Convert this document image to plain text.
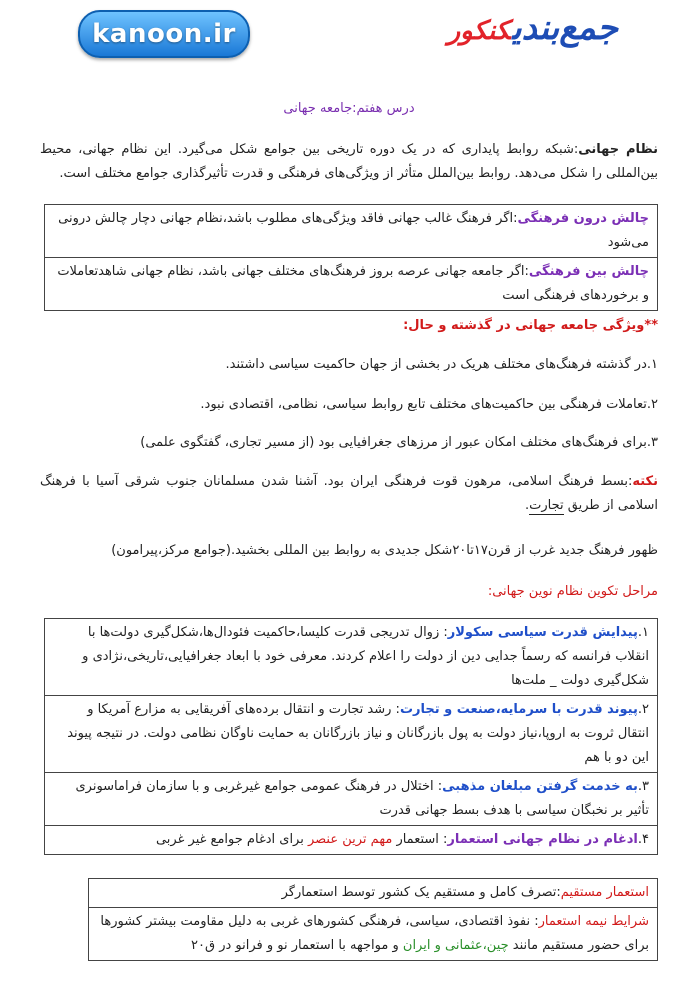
kanoon.ir	جمع‌بندیکنکور
درس هفتم:جامعه جهانی
نظام جهانی:شبکه روابط پایداری که در یک دوره تاریخی بین جوامع شکل می‌گیرد. این نظام جهانی، محیط بین‌المللی را شکل می‌دهد. روابط بین‌الملل متأثر از ویژگی‌های فرهنگی و قدرت تأثیرگذاری جوامع مختلف است.
چالش درون فرهنگی:اگر فرهنگ غالب جهانی فاقد ویژگی‌های مطلوب باشد،نظام جهانی دچار چالش درونی می‌شود
چالش بین فرهنگی:اگر جامعه جهانی عرصه بروز فرهنگ‌های مختلف جهانی باشد، نظام جهانی شاهدتعاملات و برخوردهای فرهنگی است
**ویژگی جامعه جهانی در گذشته و حال:
۱.در گذشته فرهنگ‌های مختلف هریک در بخشی از جهان حاکمیت سیاسی داشتند.
۲.تعاملات فرهنگی بین حاکمیت‌های مختلف تابع روابط سیاسی، نظامی، اقتصادی نبود.
۳.برای فرهنگ‌های مختلف امکان عبور از مرزهای جغرافیایی بود (از مسیر تجاری، گفتگوی علمی)
نکته:بسط فرهنگ اسلامی، مرهون قوت فرهنگی ایران بود. آشنا شدن مسلمانان جنوب شرقی آسیا با فرهنگ اسلامی از طریق تجارت.
ظهور فرهنگ جدید غرب از قرن۱۷تا۲۰شکل جدیدی به روابط بین المللی بخشید.(جوامع مرکز،پیرامون)
مراحل تکوین نظام نوین جهانی:
۱.پیدایش قدرت سیاسی سکولار: زوال تدریجی قدرت کلیسا،حاکمیت فئودال‌ها،شکل‌گیری دولت‌ها با انقلاب فرانسه که رسماً جدایی دین از دولت را اعلام کردند. معرفی خود با ابعاد جغرافیایی،تاریخی،نژادی و شکل‌گیری دولت _ ملت‌ها
۲.پیوند قدرت با سرمایه،صنعت و تجارت: رشد تجارت و انتقال برده‌های آفریقایی به مزارع آمریکا و انتقال ثروت به اروپا،نیاز دولت به پول بازرگانان و نیاز بازرگانان به حمایت ناوگان نظامی دولت. در نتیجه پیوند این دو با هم
۳.به خدمت گرفتن مبلغان مذهبی: اختلال در فرهنگ عمومی جوامع غیرغربی و با سازمان فراماسونری تأثیر بر نخبگان سیاسی با هدف بسط جهانی قدرت
۴.ادغام در نظام جهانی استعمار: استعمار مهم ترین عنصر برای ادغام جوامع غیر غربی
استعمار مستقیم:تصرف کامل و مستقیم یک کشور توسط استعمارگر
شرایط نیمه استعمار: نفوذ اقتصادی، سیاسی، فرهنگی کشورهای غربی به دلیل مقاومت بیشتر کشورها برای حضور مستقیم مانند چین،عثمانی و ایران و مواجهه با استعمار نو و فرانو در ق۲۰
